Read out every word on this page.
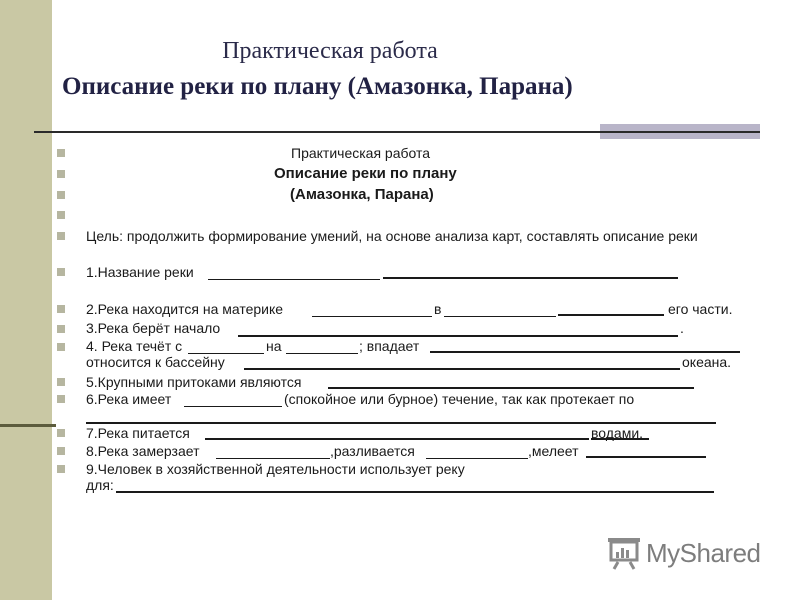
Практическая работа
Описание реки по плану (Амазонка, Парана)
Практическая работа
Описание реки по плану
(Амазонка, Парана)
Цель: продолжить формирование умений, на основе анализа карт, составлять описание реки
1.Название реки
2.Река находится на материке	в	его части.
3.Река берёт начало	.
4. Река течёт с	на	; впадает
относится к бассейну	океана.
5.Крупными притоками являются
6.Река имеет	(спокойное или бурное) течение, так как протекает по
7.Река питается	водами.
8.Река замерзает	,разливается	,мелеет
9.Человек в хозяйственной деятельности использует реку
для:
MyShared
